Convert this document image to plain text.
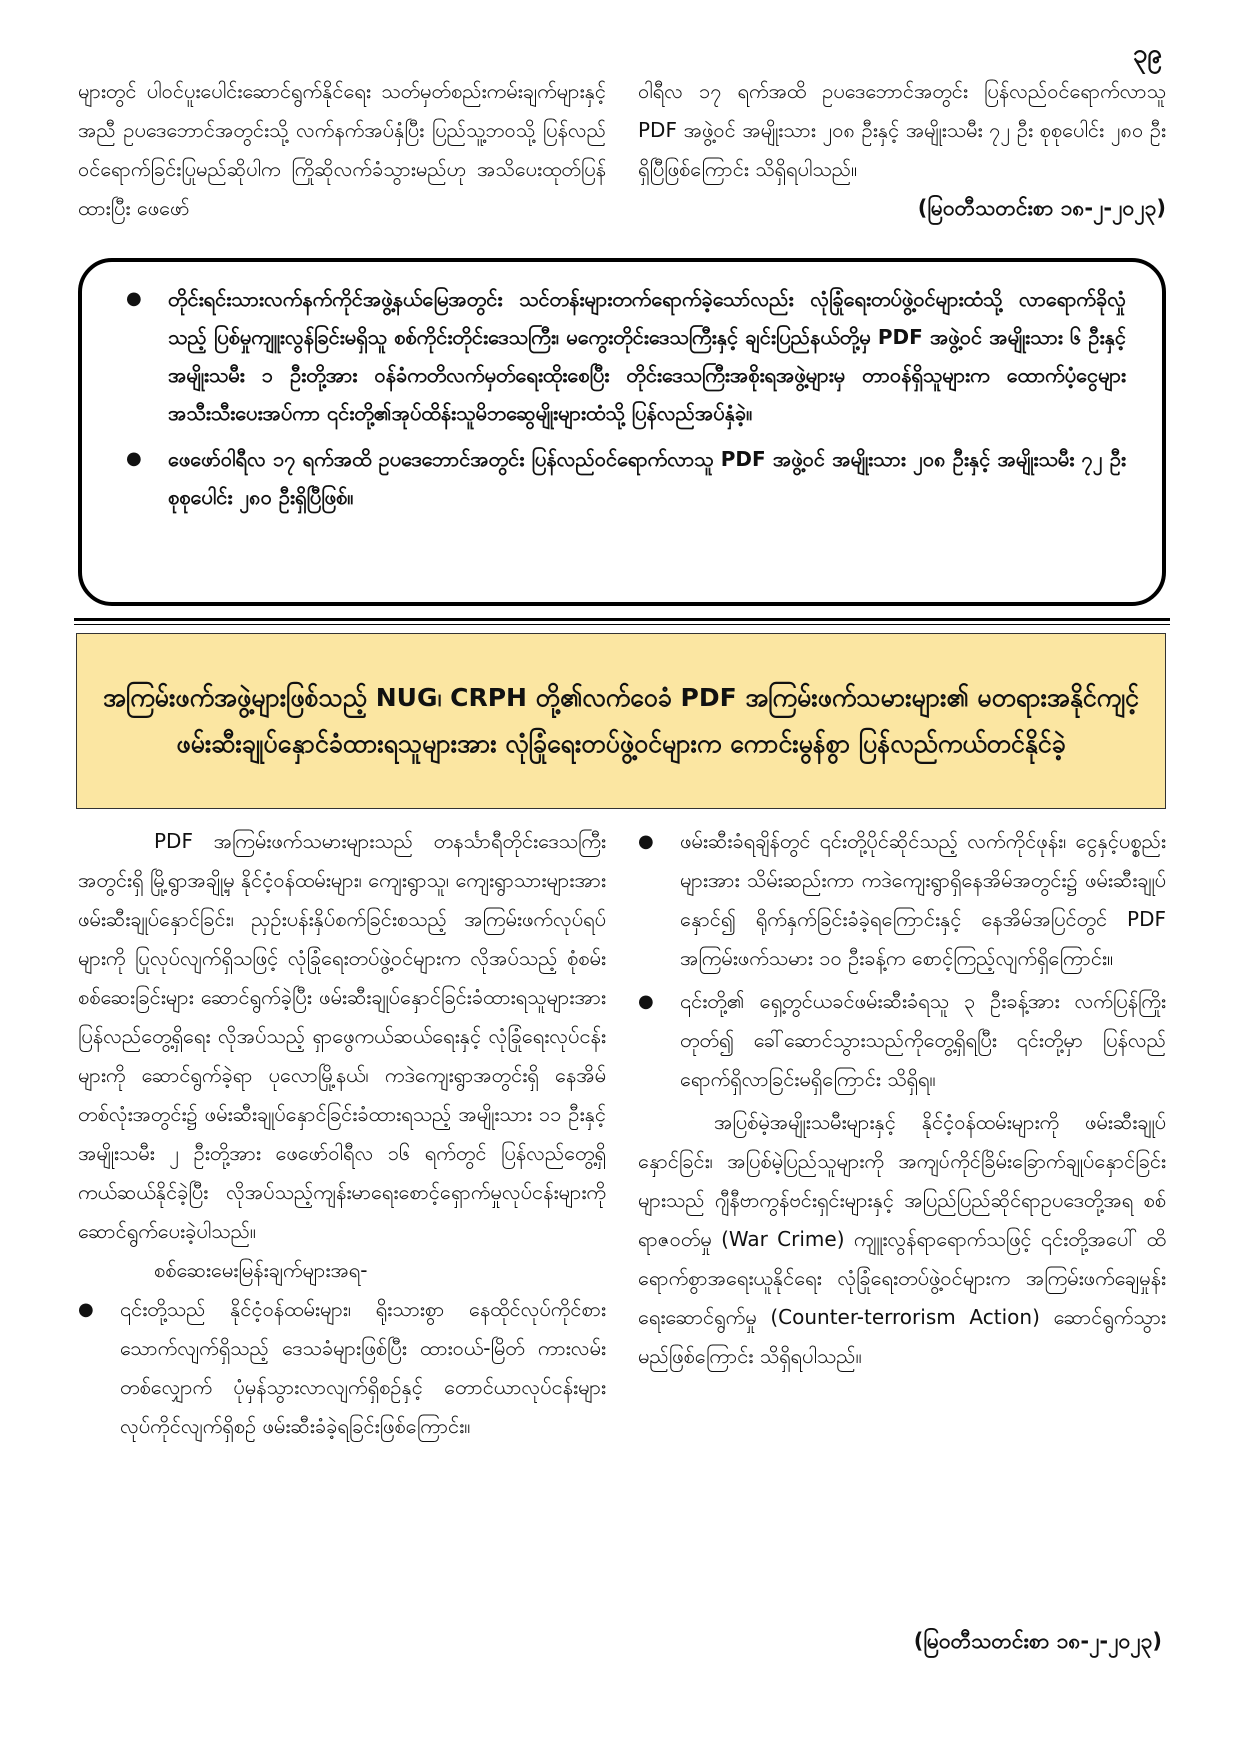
၃၉

များတွင် ပါဝင်ပူးပေါင်းဆောင်ရွက်နိုင်ရေး သတ်မှတ်စည်းကမ်းချက်များနှင့်အညီ ဥပဒေဘောင်အတွင်းသို့ လက်နက်အပ်နှံပြီး ပြည်သူ့ဘဝသို့ ပြန်လည်ဝင်ရောက်ခြင်းပြုမည်ဆိုပါက ကြိုဆိုလက်ခံသွားမည်ဟု အသိပေးထုတ်ပြန်ထားပြီး ဖေဖော်

ဝါရီလ ၁၇ ရက်အထိ ဥပဒေဘောင်အတွင်း ပြန်လည်ဝင်ရောက်လာသူ PDF အဖွဲ့ဝင် အမျိုးသား ၂၀၈ ဦးနှင့် အမျိုးသမီး ၇၂ ဦး စုစုပေါင်း ၂၈၀ ဦးရှိပြီဖြစ်ကြောင်း သိရှိရပါသည်။

(မြဝတီသတင်းစာ ၁၈-၂-၂၀၂၃)

● တိုင်းရင်းသားလက်နက်ကိုင်အဖွဲ့နယ်မြေအတွင်း သင်တန်းများတက်ရောက်ခဲ့သော်လည်း လုံခြုံရေးတပ်ဖွဲ့ဝင်များထံသို့ လာရောက်ခိုလှုံသည့် ပြစ်မှုကျူးလွန်ခြင်းမရှိသူ စစ်ကိုင်းတိုင်းဒေသကြီး၊ မကွေးတိုင်းဒေသကြီးနှင့် ချင်းပြည်နယ်တို့မှ PDF အဖွဲ့ဝင် အမျိုးသား ၆ ဦးနှင့် အမျိုးသမီး ၁ ဦးတို့အား ဝန်ခံကတိလက်မှတ်ရေးထိုးစေပြီး တိုင်းဒေသကြီးအစိုးရအဖွဲ့များမှ တာဝန်ရှိသူများက ထောက်ပံ့ငွေများ အသီးသီးပေးအပ်ကာ ၎င်းတို့၏အုပ်ထိန်းသူမိဘဆွေမျိုးများထံသို့ ပြန်လည်အပ်နှံခဲ့။
● ဖေဖော်ဝါရီလ ၁၇ ရက်အထိ ဥပဒေဘောင်အတွင်း ပြန်လည်ဝင်ရောက်လာသူ PDF အဖွဲ့ဝင် အမျိုးသား ၂၀၈ ဦးနှင့် အမျိုးသမီး ၇၂ ဦး စုစုပေါင်း ၂၈၀ ဦးရှိပြီဖြစ်။
အကြမ်းဖက်အဖွဲ့များဖြစ်သည့် NUG၊ CRPH တို့၏လက်ဝေခံ PDF အကြမ်းဖက်သမားများ၏ မတရားအနိုင်ကျင့်ဖမ်းဆီးချုပ်နှောင်ခံထားရသူများအား လုံခြုံရေးတပ်ဖွဲ့ဝင်များက ကောင်းမွန်စွာ ပြန်လည်ကယ်တင်နိုင်ခဲ့

PDF အကြမ်းဖက်သမားများသည် တနင်္သာရီတိုင်းဒေသကြီးအတွင်းရှိ မြို့ရွာအချို့မှ နိုင်ငံ့ဝန်ထမ်းများ၊ ကျေးရွာသူ၊ ကျေးရွာသားများအား ဖမ်းဆီးချုပ်နှောင်ခြင်း၊ ညှဉ်းပန်းနှိပ်စက်ခြင်းစသည့် အကြမ်းဖက်လုပ်ရပ်များကို ပြုလုပ်လျက်ရှိသဖြင့် လုံခြုံရေးတပ်ဖွဲ့ဝင်များက လိုအပ်သည့် စုံစမ်းစစ်ဆေးခြင်းများ ဆောင်ရွက်ခဲ့ပြီး ဖမ်းဆီးချုပ်နှောင်ခြင်းခံထားရသူများအား ပြန်လည်တွေ့ရှိရေး လိုအပ်သည့် ရှာဖွေကယ်ဆယ်ရေးနှင့် လုံခြုံရေးလုပ်ငန်းများကို ဆောင်ရွက်ခဲ့ရာ ပုလောမြို့နယ်၊ ကဒဲကျေးရွာအတွင်းရှိ နေအိမ်တစ်လုံးအတွင်း၌ ဖမ်းဆီးချုပ်နှောင်ခြင်းခံထားရသည့် အမျိုးသား ၁၁ ဦးနှင့် အမျိုးသမီး ၂ ဦးတို့အား ဖေဖော်ဝါရီလ ၁၆ ရက်တွင် ပြန်လည်တွေ့ရှိ ကယ်ဆယ်နိုင်ခဲ့ပြီး လိုအပ်သည့်ကျန်းမာရေးစောင့်ရှောက်မှုလုပ်ငန်းများကို ဆောင်ရွက်ပေးခဲ့ပါသည်။

စစ်ဆေးမေးမြန်းချက်များအရ-

● ၎င်းတို့သည် နိုင်ငံ့ဝန်ထမ်းများ၊ ရိုးသားစွာ နေထိုင်လုပ်ကိုင်စားသောက်လျက်ရှိသည့် ဒေသခံများဖြစ်ပြီး ထားဝယ်-မြိတ် ကားလမ်းတစ်လျှောက် ပုံမှန်သွားလာလျက်ရှိစဉ်နှင့် တောင်ယာလုပ်ငန်းများ လုပ်ကိုင်လျက်ရှိစဉ် ဖမ်းဆီးခံခဲ့ရခြင်းဖြစ်ကြောင်း။
● ဖမ်းဆီးခံရချိန်တွင် ၎င်းတို့ပိုင်ဆိုင်သည့် လက်ကိုင်ဖုန်း၊ ငွေနှင့်ပစ္စည်းများအား သိမ်းဆည်းကာ ကဒဲကျေးရွာရှိနေအိမ်အတွင်း၌ ဖမ်းဆီးချုပ်နှောင်၍ ရိုက်နှက်ခြင်းခံခဲ့ရကြောင်းနှင့် နေအိမ်အပြင်တွင် PDF အကြမ်းဖက်သမား ၁၀ ဦးခန့်က စောင့်ကြည့်လျက်ရှိကြောင်း။
● ၎င်းတို့၏ ရှေ့တွင်ယခင်ဖမ်းဆီးခံရသူ ၃ ဦးခန့်အား လက်ပြန်ကြိုးတုတ်၍ ခေါ်ဆောင်သွားသည်ကိုတွေ့ရှိရပြီး ၎င်းတို့မှာ ပြန်လည်ရောက်ရှိလာခြင်းမရှိကြောင်း သိရှိရ။

အပြစ်မဲ့အမျိုးသမီးများနှင့် နိုင်ငံ့ဝန်ထမ်းများကို ဖမ်းဆီးချုပ်နှောင်ခြင်း၊ အပြစ်မဲ့ပြည်သူများကို အကျပ်ကိုင်ခြိမ်းခြောက်ချုပ်နှောင်ခြင်းများသည် ဂျီနီဗာကွန်ဗင်းရှင်းများနှင့် အပြည်ပြည်ဆိုင်ရာဥပဒေတို့အရ စစ်ရာဇဝတ်မှု (War Crime) ကျူးလွန်ရာရောက်သဖြင့် ၎င်းတို့အပေါ် ထိရောက်စွာအရေးယူနိုင်ရေး လုံခြုံရေးတပ်ဖွဲ့ဝင်များက အကြမ်းဖက်ချေမှုန်းရေးဆောင်ရွက်မှု (Counter-terrorism Action) ဆောင်ရွက်သွားမည်ဖြစ်ကြောင်း သိရှိရပါသည်။

(မြဝတီသတင်းစာ ၁၈-၂-၂၀၂၃)
